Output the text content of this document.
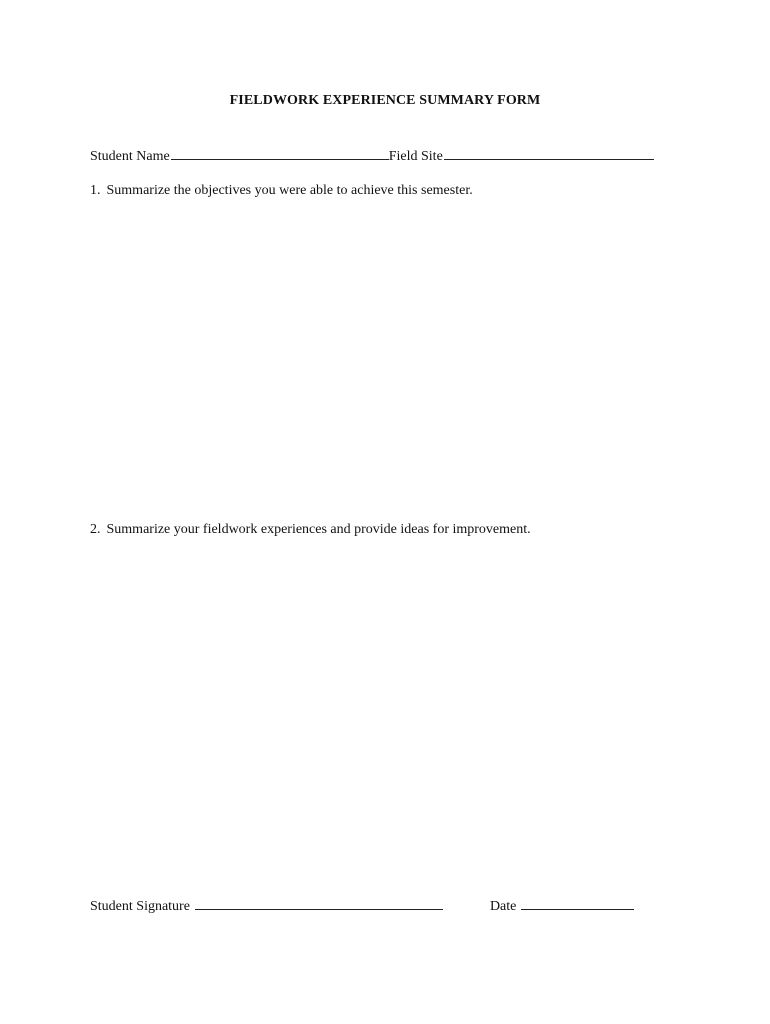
FIELDWORK EXPERIENCE SUMMARY FORM
Student Name	Field Site
1. Summarize the objectives you were able to achieve this semester.
2. Summarize your fieldwork experiences and provide ideas for improvement.
Student Signature	Date
